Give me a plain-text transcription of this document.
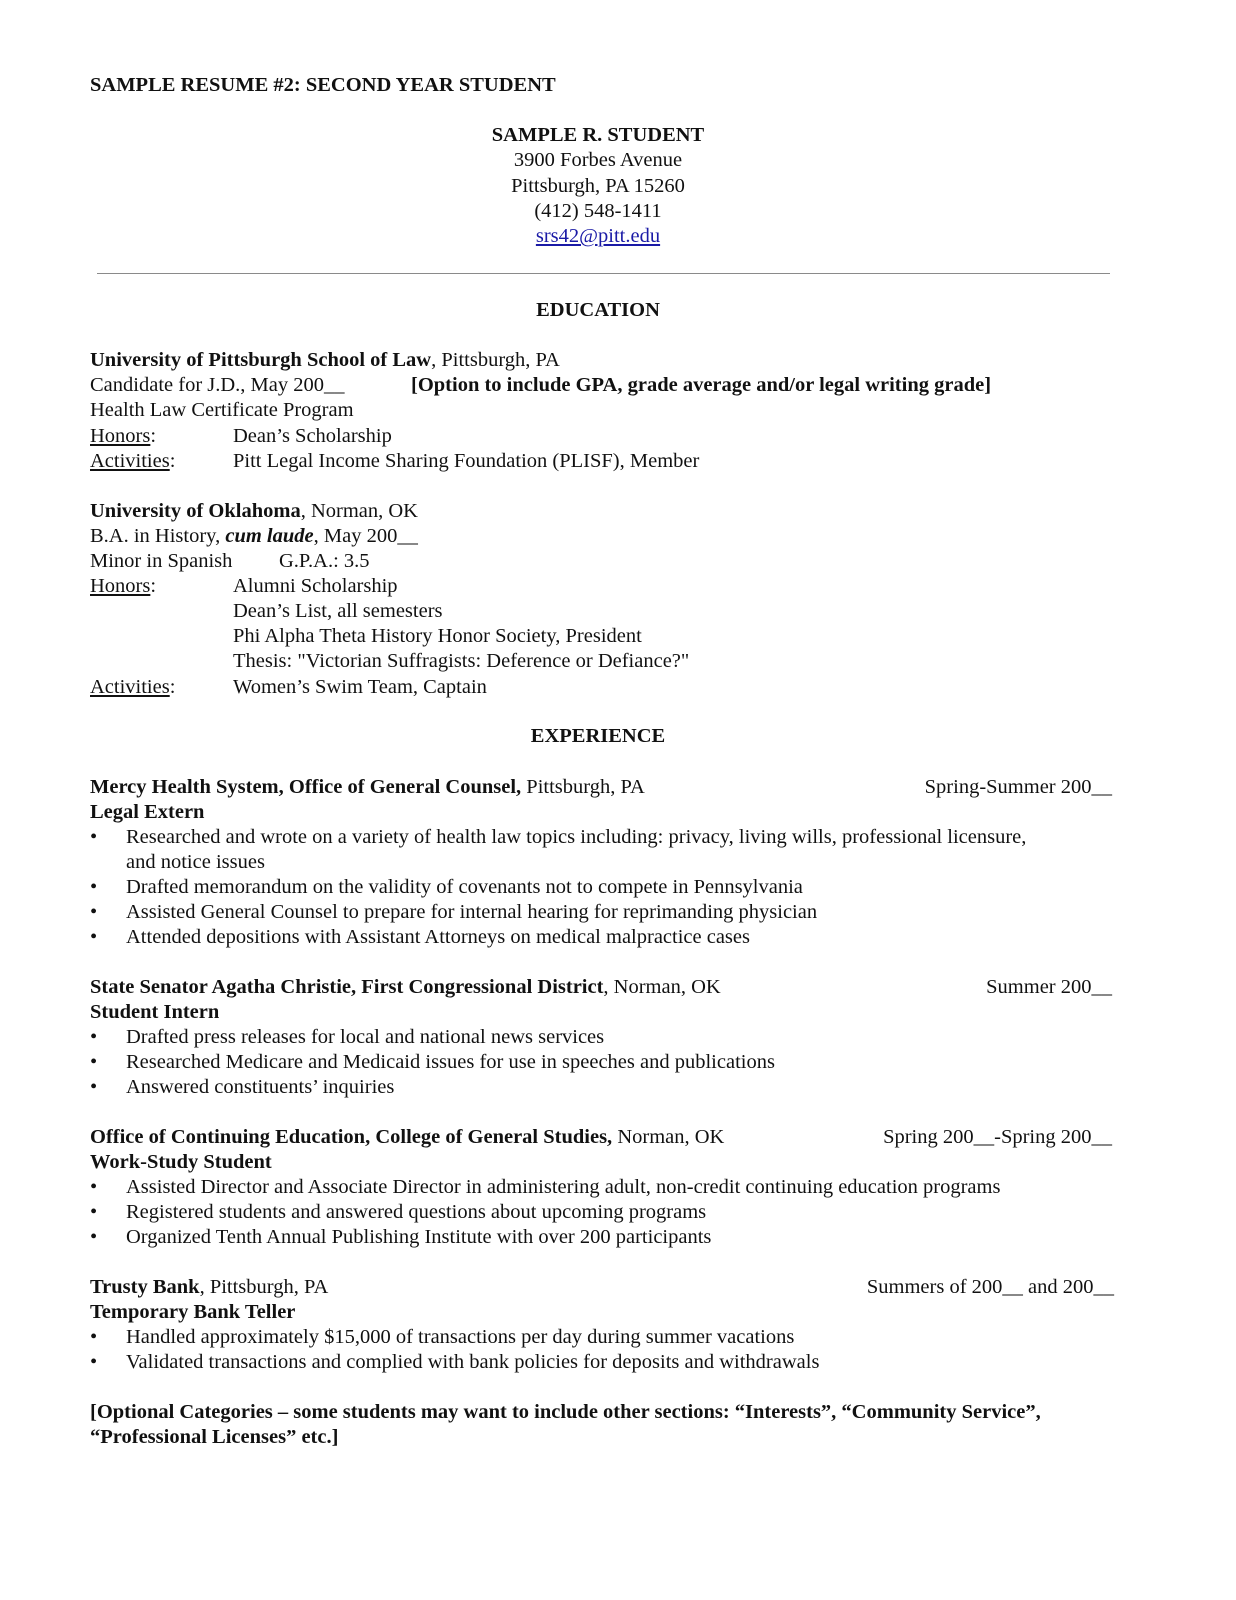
SAMPLE RESUME #2: SECOND YEAR STUDENT
SAMPLE R. STUDENT
3900 Forbes Avenue
Pittsburgh, PA 15260
(412) 548-1411
srs42@pitt.edu
EDUCATION
University of Pittsburgh School of Law, Pittsburgh, PA
Candidate for J.D., May 200__	[Option to include GPA, grade average and/or legal writing grade]
Health Law Certificate Program
Honors:	Dean’s Scholarship
Activities:	Pitt Legal Income Sharing Foundation (PLISF), Member
University of Oklahoma, Norman, OK
B.A. in History, cum laude, May 200__
Minor in Spanish G.P.A.: 3.5
Honors:	Alumni Scholarship
Dean’s List, all semesters
Phi Alpha Theta History Honor Society, President
Thesis: "Victorian Suffragists: Deference or Defiance?"
Activities:	Women’s Swim Team, Captain
EXPERIENCE
Mercy Health System, Office of General Counsel, Pittsburgh, PA	Spring-Summer 200__
Legal Extern
• Researched and wrote on a variety of health law topics including: privacy, living wills, professional licensure,
and notice issues
• Drafted memorandum on the validity of covenants not to compete in Pennsylvania
• Assisted General Counsel to prepare for internal hearing for reprimanding physician
• Attended depositions with Assistant Attorneys on medical malpractice cases
State Senator Agatha Christie, First Congressional District, Norman, OK	Summer 200__
Student Intern
• Drafted press releases for local and national news services
• Researched Medicare and Medicaid issues for use in speeches and publications
• Answered constituents’ inquiries
Office of Continuing Education, College of General Studies, Norman, OK	Spring 200__-Spring 200__
Work-Study Student
• Assisted Director and Associate Director in administering adult, non-credit continuing education programs
• Registered students and answered questions about upcoming programs
• Organized Tenth Annual Publishing Institute with over 200 participants
Trusty Bank, Pittsburgh, PA	Summers of 200__ and 200__
Temporary Bank Teller
• Handled approximately $15,000 of transactions per day during summer vacations
• Validated transactions and complied with bank policies for deposits and withdrawals
[Optional Categories – some students may want to include other sections: “Interests”, “Community Service”,
“Professional Licenses” etc.]
